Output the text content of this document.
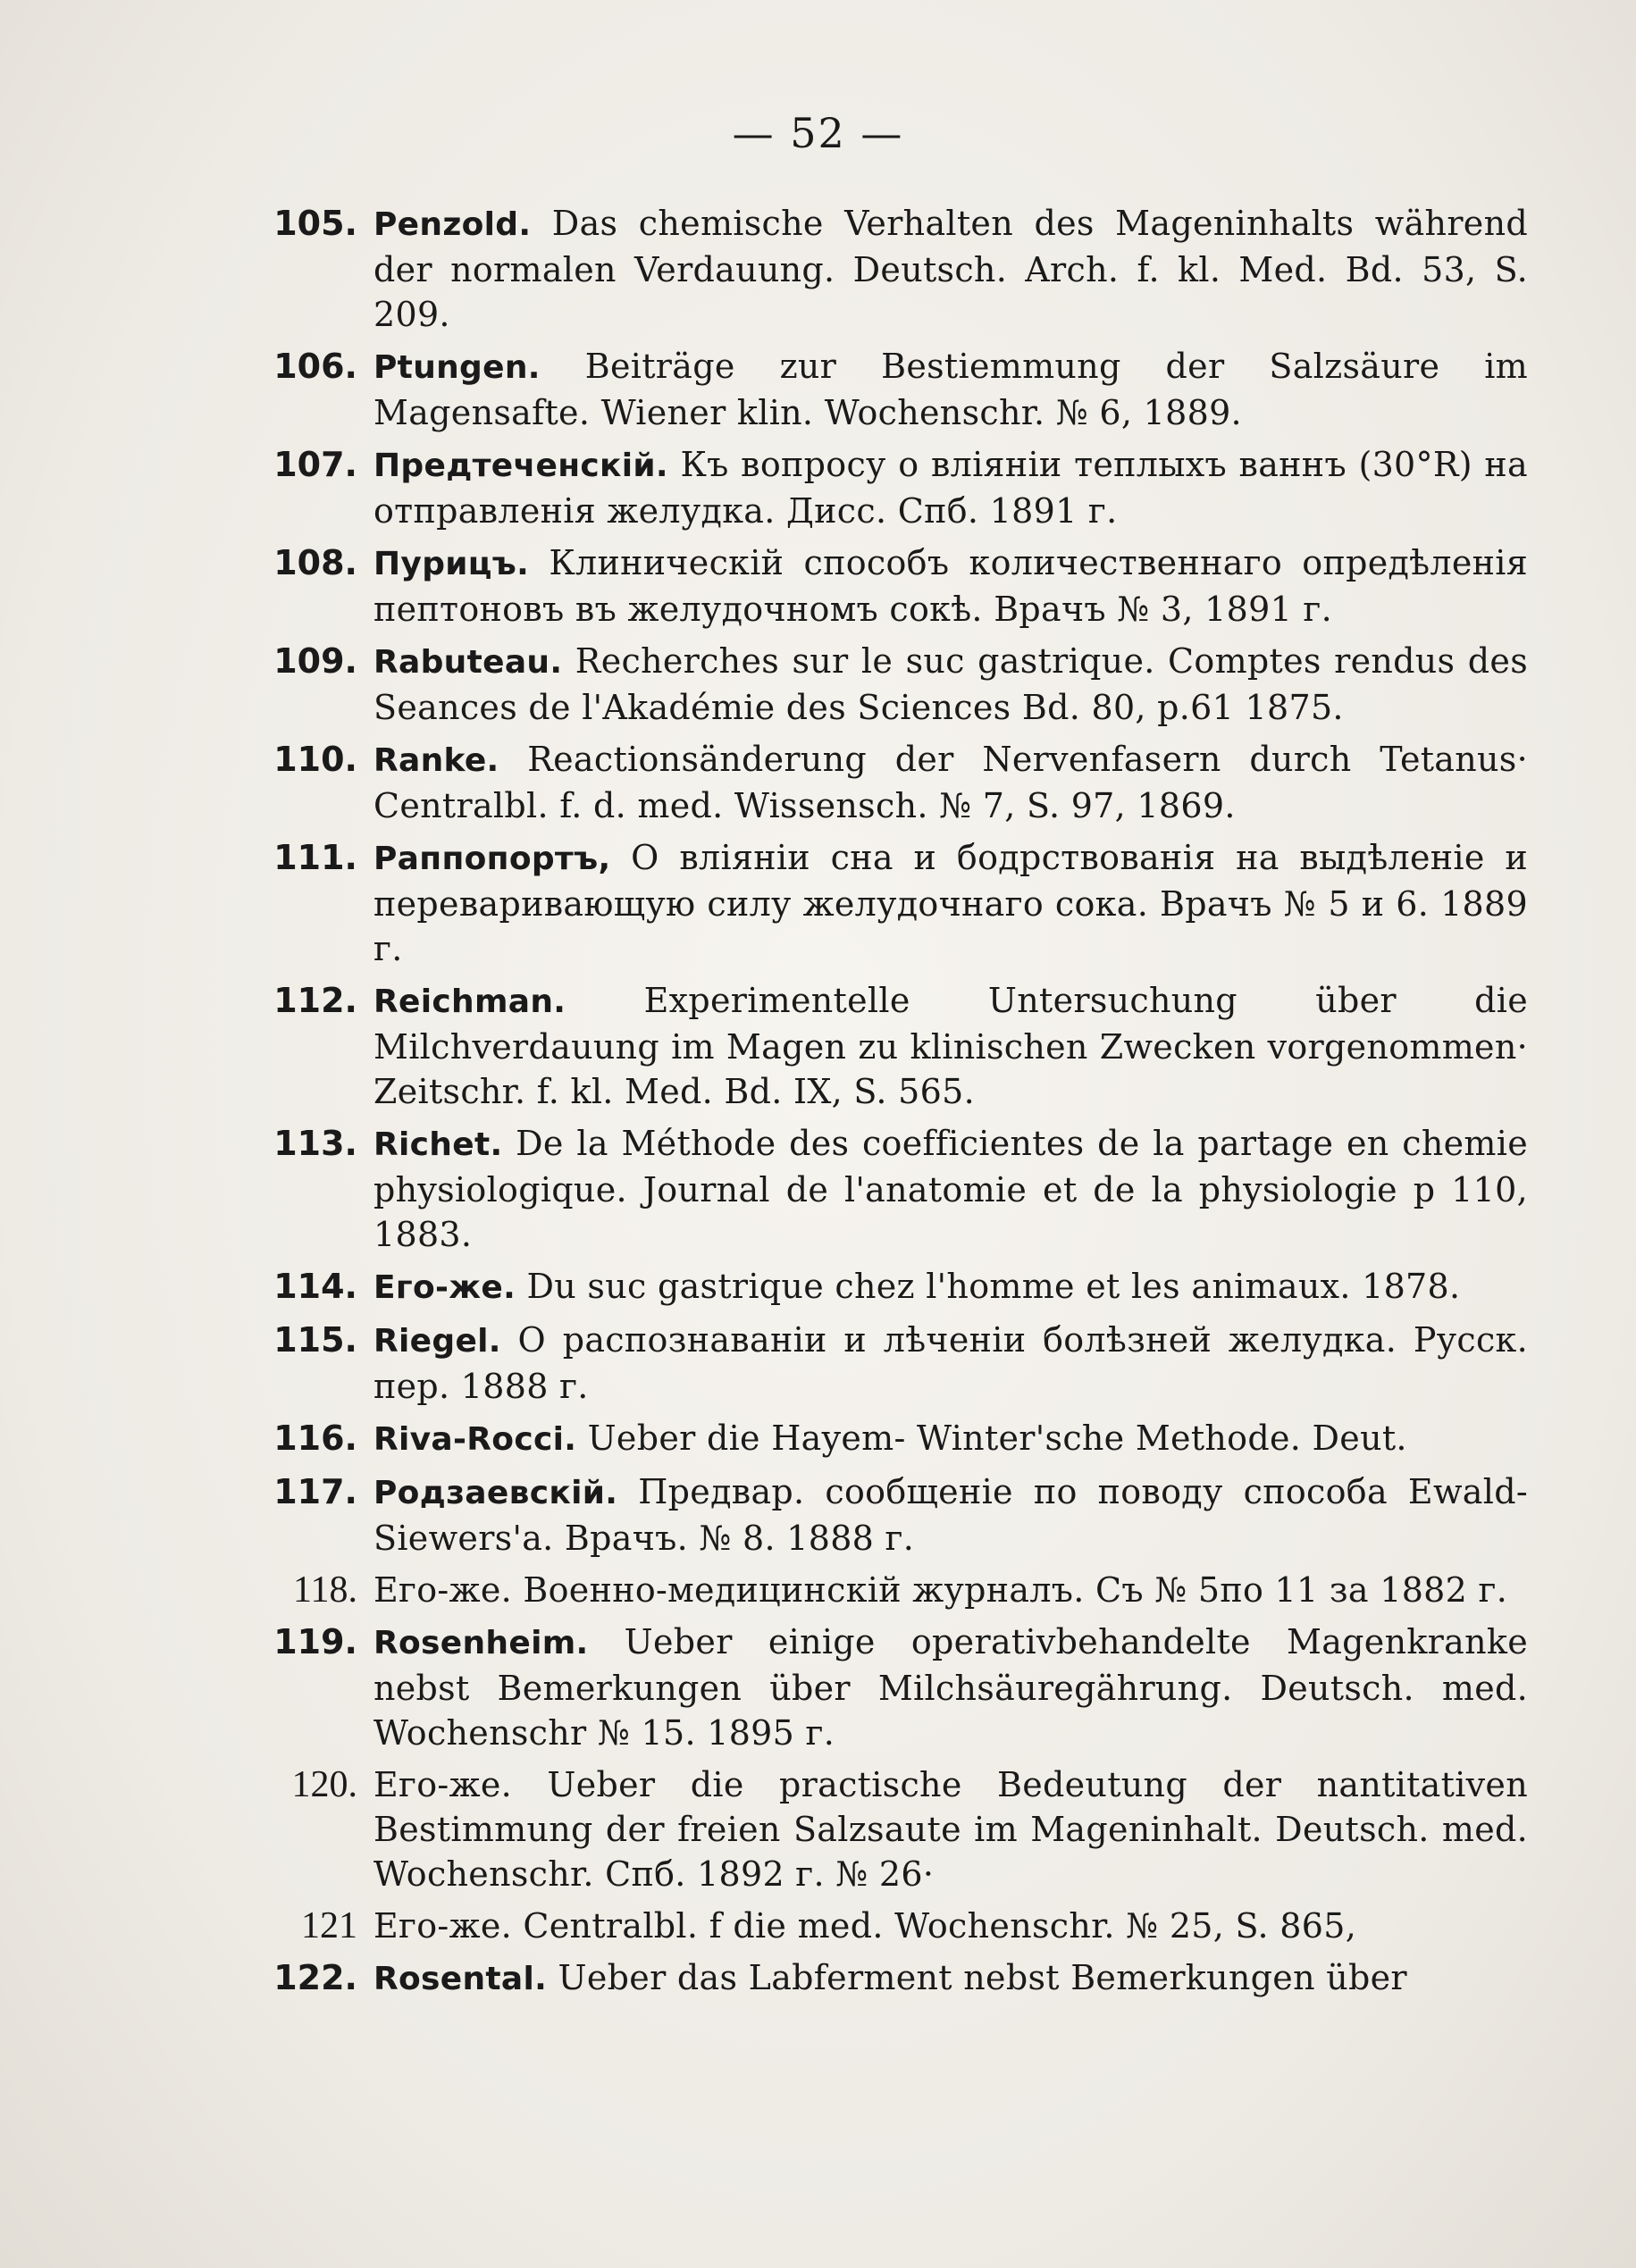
— 52 —
105. Penzold. Das chemische Verhalten des Mageninhalts während der normalen Verdauung. Deutsch. Arch. f. kl. Med. Bd. 53, S. 209.
106. Ptungen. Beiträge zur Bestiemmung der Salzsäure im Magensafte. Wiener klin. Wochenschr. № 6, 1889.
107. Предтеченскій. Къ вопросу о вліяніи теплыхъ ваннъ (30°R) на отправленія желудка. Дисс. Спб. 1891 г.
108. Пурицъ. Клиническій способъ количественнаго опредѣленія пептоновъ въ желудочномъ сокѣ. Врачъ № 3, 1891 г.
109. Rabuteau. Recherches sur le suc gastrique. Comptes rendus des Seances de l'Akadémie des Sciences Bd. 80, p.61 1875.
110. Ranke. Reactionsänderung der Nervenfasern durch Tetanus· Centralbl. f. d. med. Wissensch. № 7, S. 97, 1869.
111. Раппопортъ, О вліяніи сна и бодрствованія на выдѣленіе и переваривающую силу желудочнаго сока. Врачъ № 5 и 6. 1889 г.
112. Reichman. Experimentelle Untersuchung über die Milchverdauung im Magen zu klinischen Zwecken vorgenommen· Zeitschr. f. kl. Med. Bd. IX, S. 565.
113. Richet. De la Méthode des coefficientes de la partage en chemie physiologique. Journal de l'anatomie et de la physiologie p 110, 1883.
114. Его-же. Du suc gastrique chez l'homme et les animaux. 1878.
115. Riegel. О распознаваніи и лѣченіи болѣзней желудка. Русск. пер. 1888 г.
116. Riva-Rocci. Ueber die Hayem- Winter'sche Methode. Deut.
117. Родзаевскій. Предвар. сообщеніе по поводу способа Ewald-Siewers'a. Врачъ. № 8. 1888 г.
118. Его-же. Военно-медицинскій журналъ. Съ № 5по 11 за 1882 г.
119. Rosenheim. Ueber einige operativbehandelte Magenkranke nebst Bemerkungen über Milchsäuregährung. Deutsch. med. Wochenschr № 15. 1895 г.
120. Его-же. Ueber die practische Bedeutung der nantitativen Bestimmung der freien Salzsaute im Mageninhalt. Deutsch. med. Wochenschr. Спб. 1892 г. № 26·
121 Его-же. Centralbl. f die med. Wochenschr. № 25, S. 865,
122. Rosental. Ueber das Labferment nebst Bemerkungen über
